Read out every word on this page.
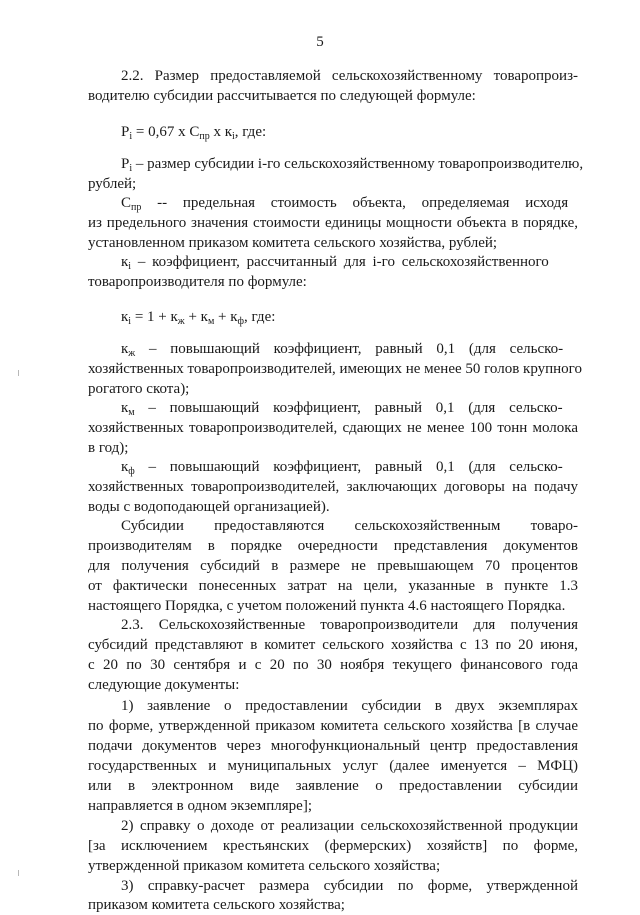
5
2.2. Размер предоставляемой сельскохозяйственному товаропроиз-
водителю субсидии рассчитывается по следующей формуле:
$P_i = 0,67$ х $С_{пр}$ х $к_i$, где:
$P_i$ – размер субсидии i-го сельскохозяйственному товаропроизводителю,
рублей;
$С_{пр}$ -- предельная стоимость объекта, определяемая исходя
из предельного значения стоимости единицы мощности объекта в порядке,
установленном приказом комитета сельского хозяйства, рублей;
$к_i$ – коэффициент, рассчитанный для i-го сельскохозяйственного
товаропроизводителя по формуле:
$к_i = 1 + к_ж + к_м + к_ф$, где:
$к_ж$ – повышающий коэффициент, равный 0,1 (для сельско-
хозяйственных товаропроизводителей, имеющих не менее 50 голов крупного
рогатого скота);
$к_м$ – повышающий коэффициент, равный 0,1 (для сельско-
хозяйственных товаропроизводителей, сдающих не менее 100 тонн молока
в год);
$к_ф$ – повышающий коэффициент, равный 0,1 (для сельско-
хозяйственных товаропроизводителей, заключающих договоры на подачу
воды с водоподающей организацией).
Субсидии предоставляются сельскохозяйственным товаро-
производителям в порядке очередности представления документов
для получения субсидий в размере не превышающем 70 процентов
от фактически понесенных затрат на цели, указанные в пункте 1.3
настоящего Порядка, с учетом положений пункта 4.6 настоящего Порядка.
2.3. Сельскохозяйственные товаропроизводители для получения
субсидий представляют в комитет сельского хозяйства с 13 по 20 июня,
с 20 по 30 сентября и с 20 по 30 ноября текущего финансового года
следующие документы:
1) заявление о предоставлении субсидии в двух экземплярах
по форме, утвержденной приказом комитета сельского хозяйства [в случае
подачи документов через многофункциональный центр предоставления
государственных и муниципальных услуг (далее именуется – МФЦ)
или в электронном виде заявление о предоставлении субсидии
направляется в одном экземпляре];
2) справку о доходе от реализации сельскохозяйственной продукции
[за исключением крестьянских (фермерских) хозяйств] по форме,
утвержденной приказом комитета сельского хозяйства;
3) справку-расчет размера субсидии по форме, утвержденной
приказом комитета сельского хозяйства;
